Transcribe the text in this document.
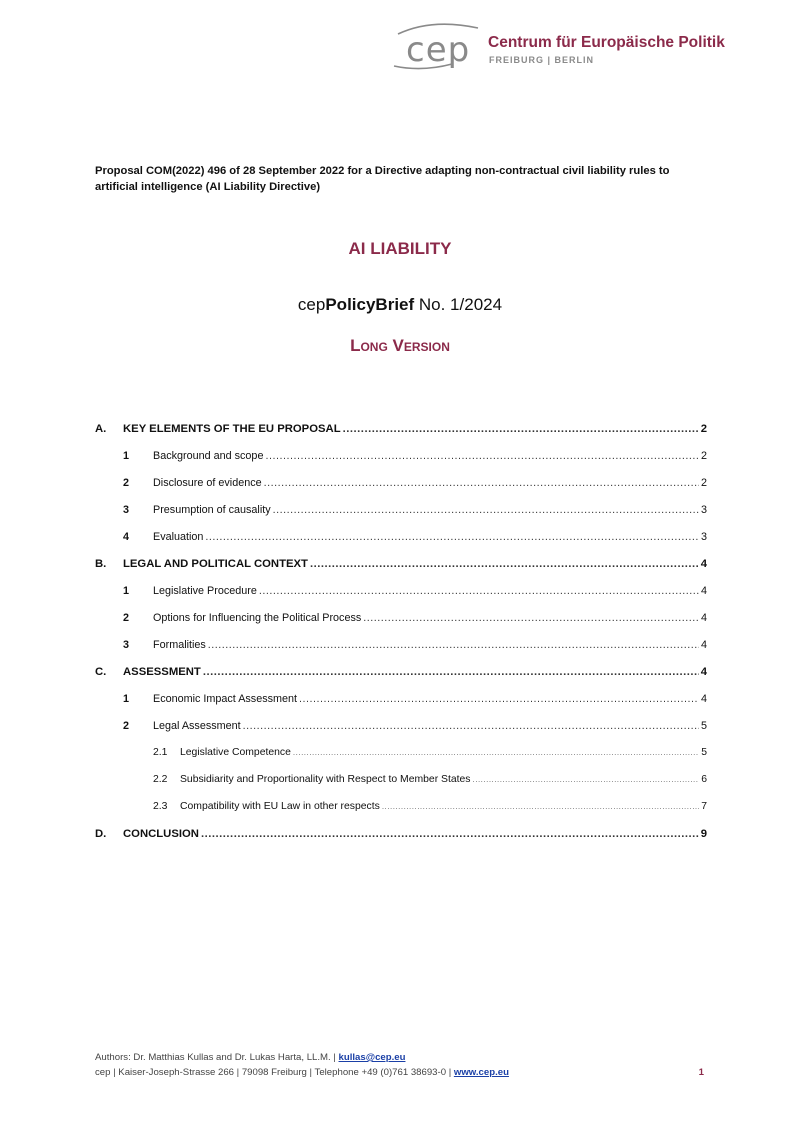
cep Centrum für Europäische Politik
FREIBURG | BERLIN
Proposal COM(2022) 496 of 28 September 2022 for a Directive adapting non-contractual civil liability rules to artificial intelligence (AI Liability Directive)
AI LIABILITY
cepPolicyBrief No. 1/2024
Long Version
A.	KEY ELEMENTS OF THE EU PROPOSAL .....	2
1	Background and scope .....	2
2	Disclosure of evidence .....	2
3	Presumption of causality .....	3
4	Evaluation .....	3
B.	LEGAL AND POLITICAL CONTEXT .....	4
1	Legislative Procedure .....	4
2	Options for Influencing the Political Process .....	4
3	Formalities .....	4
C.	ASSESSMENT .....	4
1	Economic Impact Assessment .....	4
2	Legal Assessment .....	5
2.1	Legislative Competence .....	5
2.2	Subsidiarity and Proportionality with Respect to Member States .....	6
2.3	Compatibility with EU Law in other respects .....	7
D.	CONCLUSION .....	9
Authors: Dr. Matthias Kullas and Dr. Lukas Harta, LL.M. | kullas@cep.eu
cep | Kaiser-Joseph-Strasse 266 | 79098 Freiburg | Telephone +49 (0)761 38693-0 | www.cep.eu	1
